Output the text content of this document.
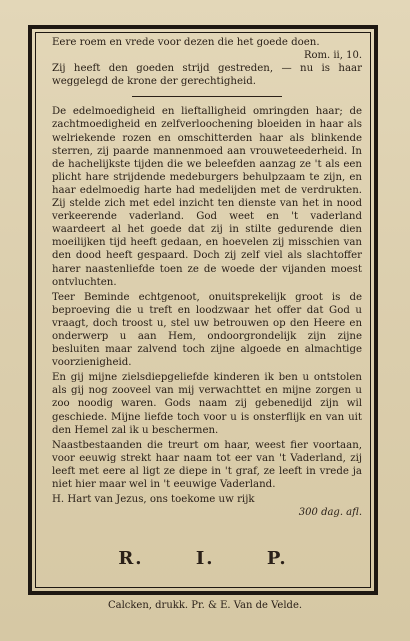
Eere roem en vrede voor dezen die het goede doen.

Rom. ii, 10.

Zij heeft den goeden strijd gestreden, — nu is haar weggelegd de krone der gerechtigheid.

De edelmoedigheid en lieftalligheid omringden haar; de zachtmoedigheid en zelfverloochening bloeiden in haar als welriekende rozen en omschitterden haar als blinkende sterren, zij paarde mannenmoed aan vrouweteederheid. In de hachelijkste tijden die we beleefden aanzag ze 't als een plicht hare strijdende medeburgers behulpzaam te zijn, en haar edelmoedig harte had medelijden met de verdrukten. Zij stelde zich met edel inzicht ten dienste van het in nood verkeerende vaderland. God weet en 't vaderland waardeert al het goede dat zij in stilte gedurende dien moeilijken tijd heeft gedaan, en hoevelen zij misschien van den dood heeft gespaard. Doch zij zelf viel als slachtoffer harer naastenliefde toen ze de woede der vijanden moest ontvluchten.

Teer Beminde echtgenoot, onuitsprekelijk groot is de beproeving die u treft en loodzwaar het offer dat God u vraagt, doch troost u, stel uw betrouwen op den Heere en onderwerp u aan Hem, ondoorgrondelijk zijn zijne besluiten maar zalvend toch zijne algoede en almachtige voorzienigheid.

En gij mijne zielsdiepgeliefde kinderen ik ben u ontstolen als gij nog zooveel van mij verwachttet en mijne zorgen u zoo noodig waren. Gods naam zij gebenedijd zijn wil geschiede. Mijne liefde toch voor u is onsterflijk en van uit den Hemel zal ik u beschermen.

Naastbestaanden die treurt om haar, weest fier voortaan, voor eeuwig strekt haar naam tot eer van 't Vaderland, zij leeft met eere al ligt ze diepe in 't graf, ze leeft in vrede ja niet hier maar wel in 't eeuwige Vaderland.

H. Hart van Jezus, ons toekome uw rijk

300 dag. afl.

R.	I.	P.
Calcken, drukk. Pr. & E. Van de Velde.
